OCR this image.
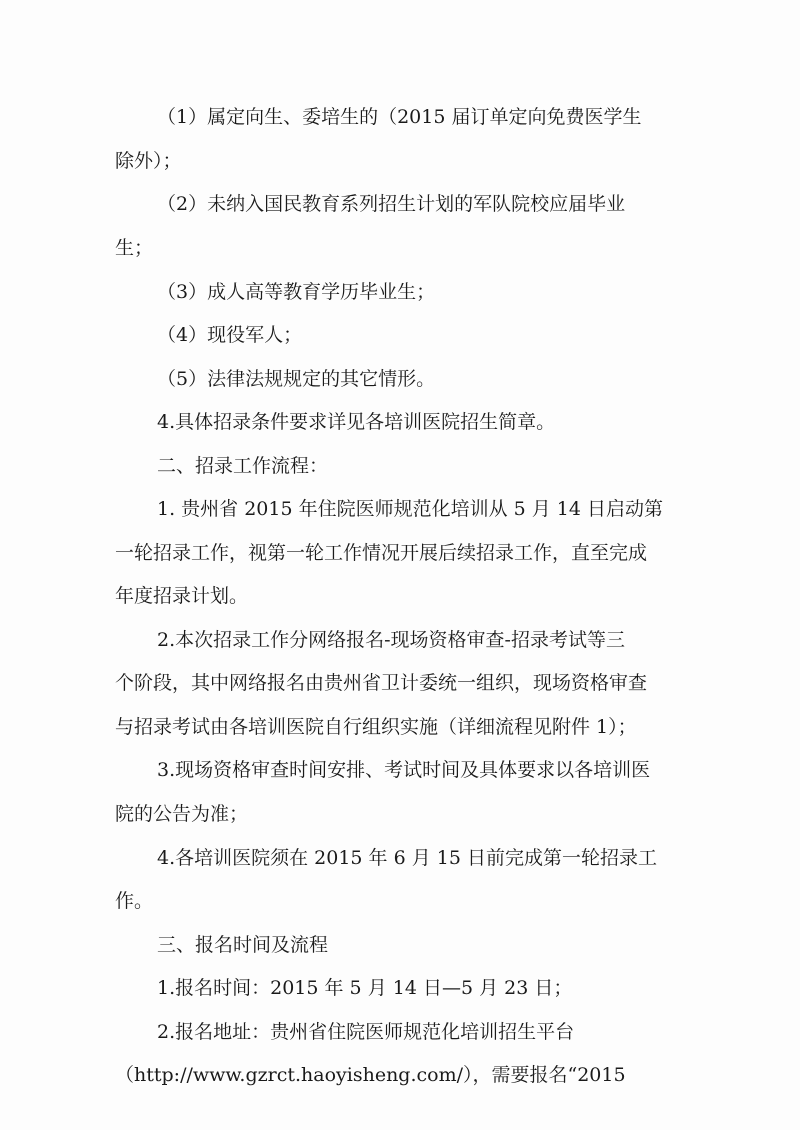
（1）属定向生、委培生的（2015 届订单定向免费医学生
除外）；
（2）未纳入国民教育系列招生计划的军队院校应届毕业
生；
（3）成人高等教育学历毕业生；
（4）现役军人；
（5）法律法规规定的其它情形。
4.具体招录条件要求详见各培训医院招生简章。
二、招录工作流程：
1. 贵州省 2015 年住院医师规范化培训从 5 月 14 日启动第
一轮招录工作，视第一轮工作情况开展后续招录工作，直至完成
年度招录计划。
2.本次招录工作分网络报名-现场资格审查-招录考试等三
个阶段，其中网络报名由贵州省卫计委统一组织，现场资格审查
与招录考试由各培训医院自行组织实施（详细流程见附件 1）；
3.现场资格审查时间安排、考试时间及具体要求以各培训医
院的公告为准；
4.各培训医院须在 2015 年 6 月 15 日前完成第一轮招录工
作。
三、报名时间及流程
1.报名时间：2015 年 5 月 14 日—5 月 23 日；
2.报名地址：贵州省住院医师规范化培训招生平台
（http://www.gzrct.haoyisheng.com/），需要报名“2015
